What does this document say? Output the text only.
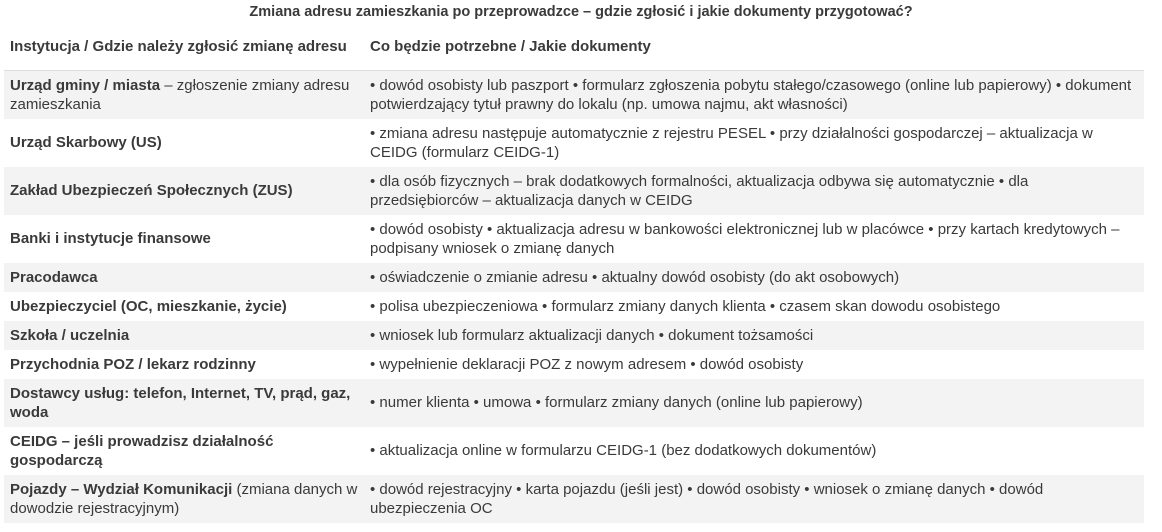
Zmiana adresu zamieszkania po przeprowadzce – gdzie zgłosić i jakie dokumenty przygotować?
Instytucja / Gdzie należy zgłosić zmianę adresu	Co będzie potrzebne / Jakie dokumenty
Urząd gminy / miasta – zgłoszenie zmiany adresu zamieszkania	• dowód osobisty lub paszport • formularz zgłoszenia pobytu stałego/czasowego (online lub papierowy) • dokument potwierdzający tytuł prawny do lokalu (np. umowa najmu, akt własności)
Urząd Skarbowy (US)	• zmiana adresu następuje automatycznie z rejestru PESEL • przy działalności gospodarczej – aktualizacja w CEIDG (formularz CEIDG-1)
Zakład Ubezpieczeń Społecznych (ZUS)	• dla osób fizycznych – brak dodatkowych formalności, aktualizacja odbywa się automatycznie • dla przedsiębiorców – aktualizacja danych w CEIDG
Banki i instytucje finansowe	• dowód osobisty • aktualizacja adresu w bankowości elektronicznej lub w placówce • przy kartach kredytowych – podpisany wniosek o zmianę danych
Pracodawca	• oświadczenie o zmianie adresu • aktualny dowód osobisty (do akt osobowych)
Ubezpieczyciel (OC, mieszkanie, życie)	• polisa ubezpieczeniowa • formularz zmiany danych klienta • czasem skan dowodu osobistego
Szkoła / uczelnia	• wniosek lub formularz aktualizacji danych • dokument tożsamości
Przychodnia POZ / lekarz rodzinny	• wypełnienie deklaracji POZ z nowym adresem • dowód osobisty
Dostawcy usług: telefon, Internet, TV, prąd, gaz, woda	• numer klienta • umowa • formularz zmiany danych (online lub papierowy)
CEIDG – jeśli prowadzisz działalność gospodarczą	• aktualizacja online w formularzu CEIDG-1 (bez dodatkowych dokumentów)
Pojazdy – Wydział Komunikacji (zmiana danych w dowodzie rejestracyjnym)	• dowód rejestracyjny • karta pojazdu (jeśli jest) • dowód osobisty • wniosek o zmianę danych • dowód ubezpieczenia OC
